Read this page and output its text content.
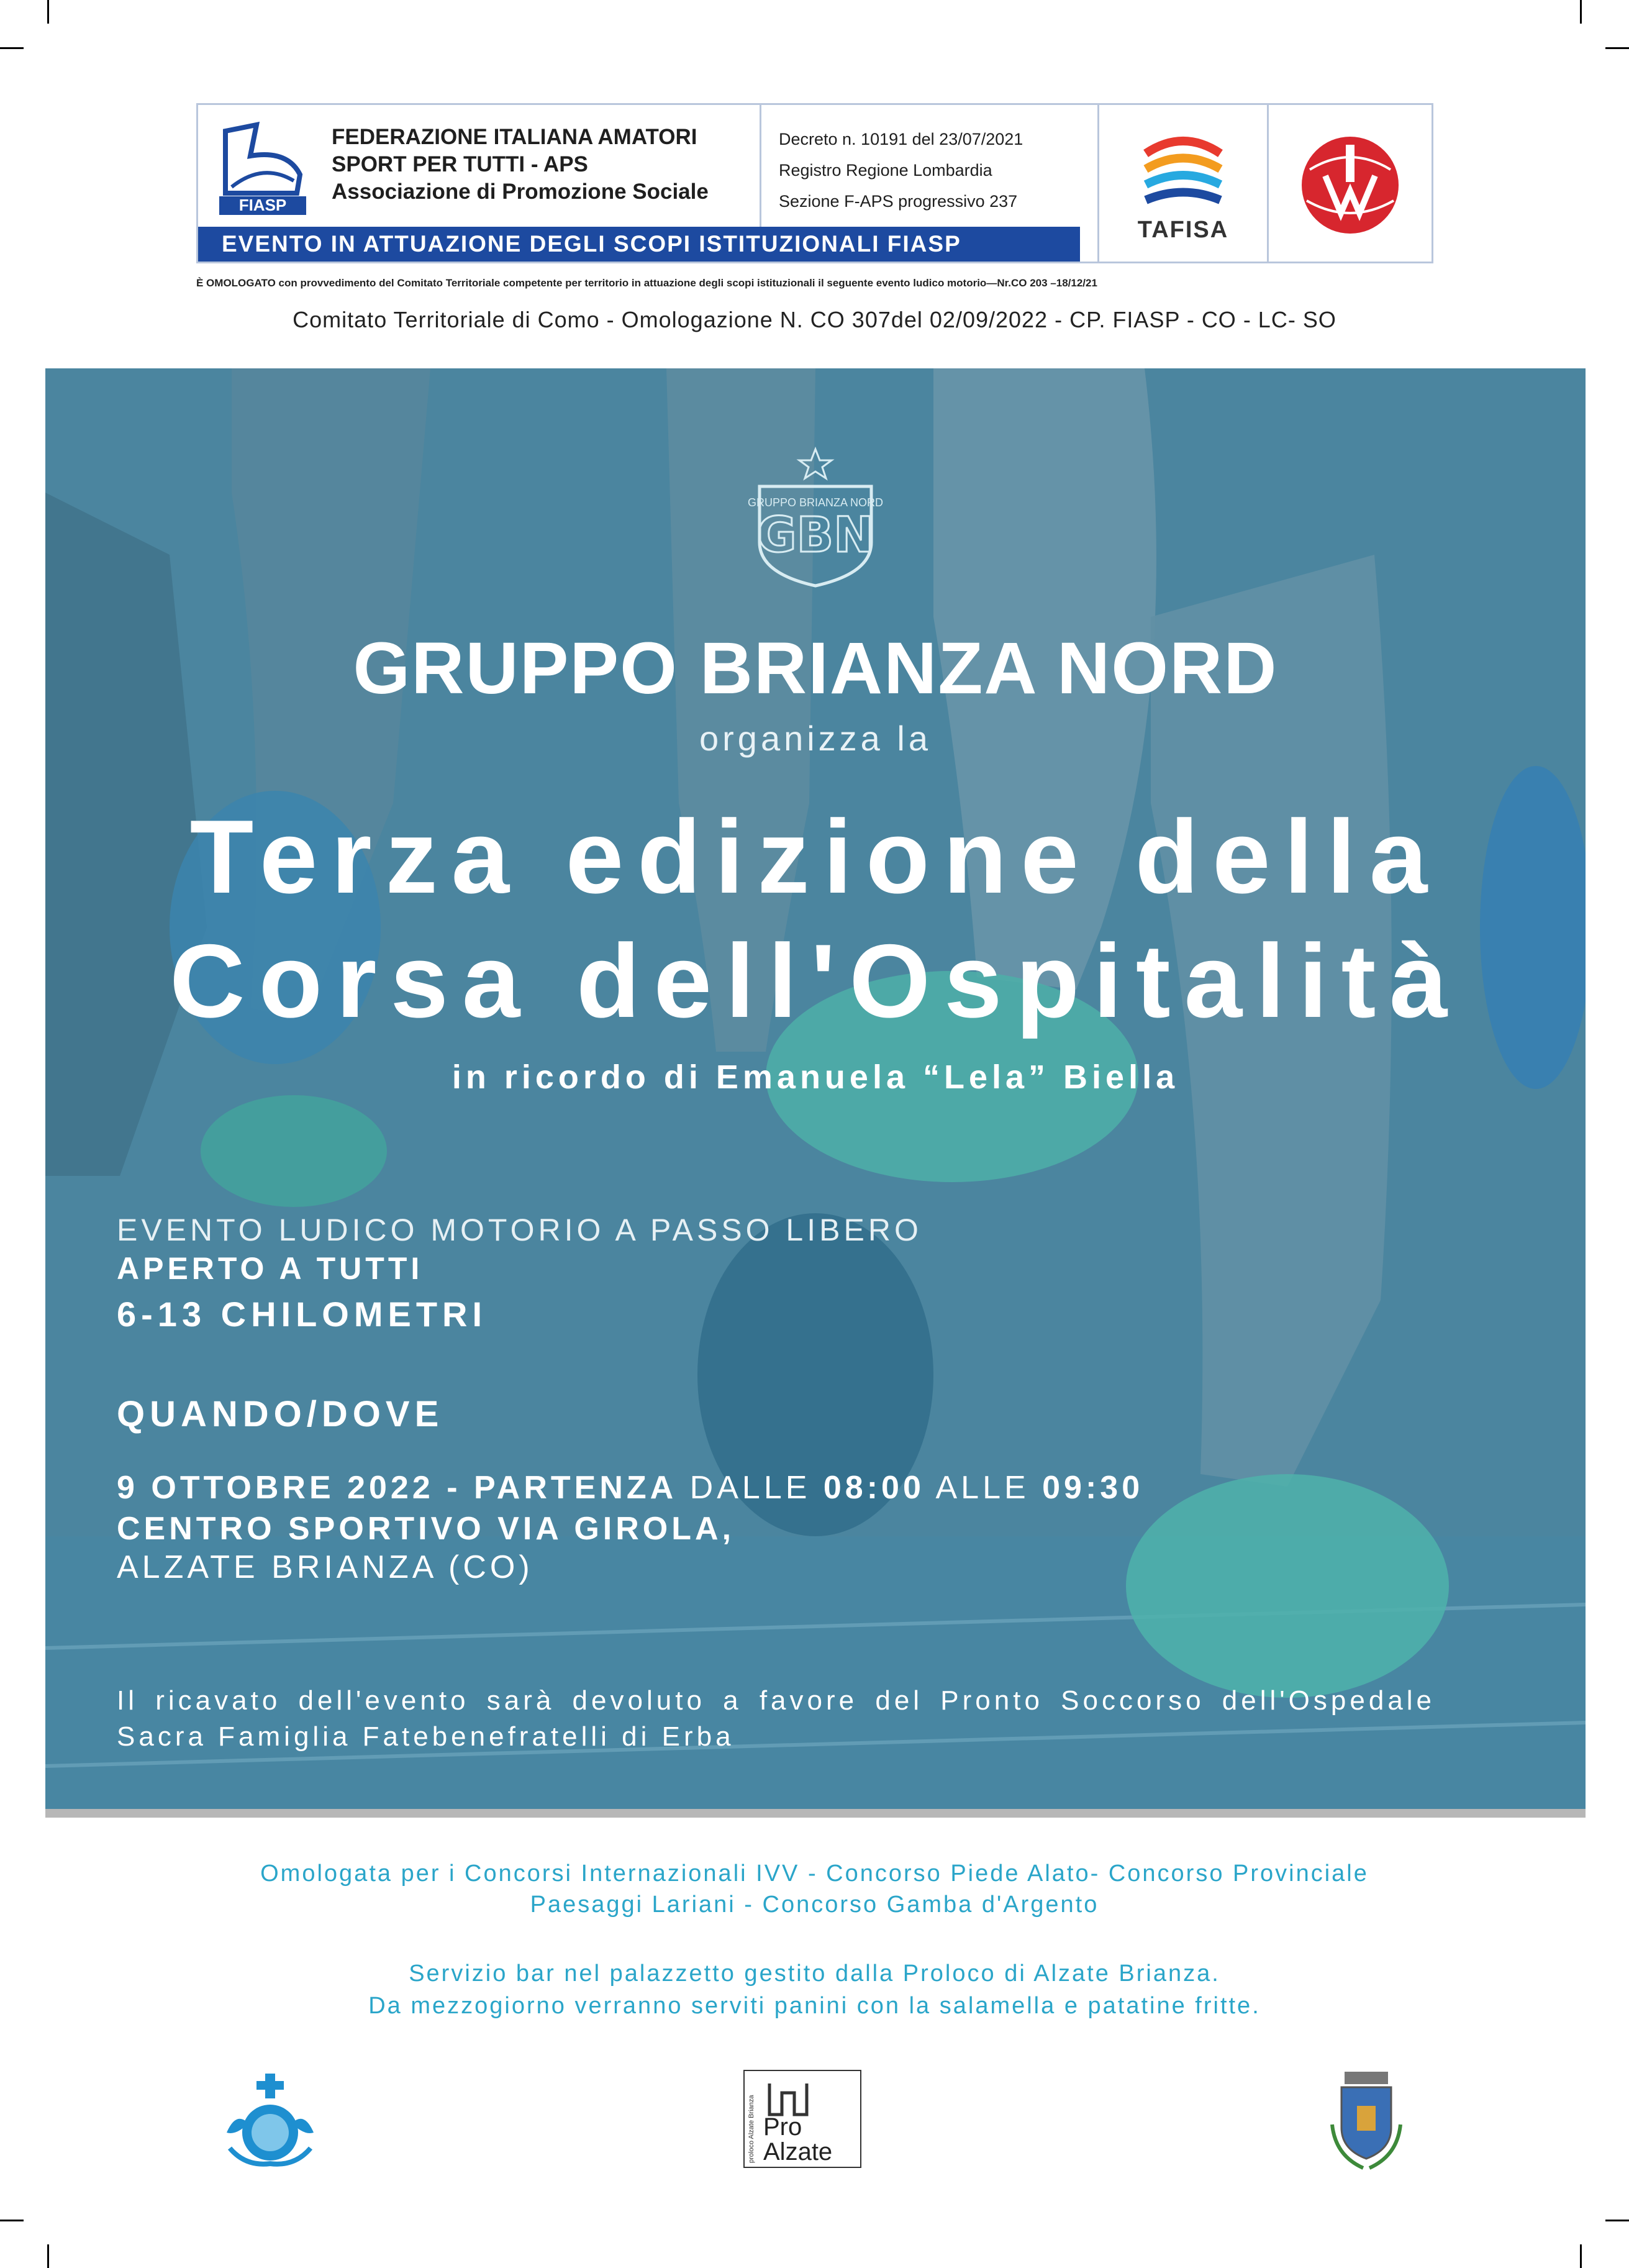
FIASP
FEDERAZIONE ITALIANA AMATORI
SPORT PER TUTTI - APS
Associazione di Promozione Sociale
Decreto n. 10191 del 23/07/2021
Registro Regione Lombardia
Sezione F-APS progressivo 237
TAFISA
EVENTO IN ATTUAZIONE DEGLI SCOPI ISTITUZIONALI FIASP
È OMOLOGATO con provvedimento del Comitato Territoriale competente per territorio in attuazione degli scopi istituzionali il seguente evento ludico motorio—Nr.CO 203 –18/12/21
Comitato Territoriale di Como - Omologazione N. CO 307del 02/09/2022 - CP. FIASP - CO - LC- SO
GBN
GRUPPO BRIANZA NORD
GRUPPO BRIANZA NORD
organizza la
Terza edizione della
Corsa dell'Ospitalità
in ricordo di Emanuela “Lela” Biella
EVENTO LUDICO MOTORIO A PASSO LIBERO
APERTO A TUTTI
6-13 CHILOMETRI
QUANDO/DOVE
9 OTTOBRE 2022 - PARTENZA DALLE 08:00 ALLE 09:30
CENTRO SPORTIVO VIA GIROLA,
ALZATE BRIANZA (CO)
Il ricavato dell'evento sarà devoluto a favore del Pronto Soccorso dell'Ospedale
Sacra Famiglia Fatebenefratelli di Erba
Omologata per i Concorsi Internazionali IVV - Concorso Piede Alato- Concorso Provinciale
Paesaggi Lariani - Concorso Gamba d'Argento
Servizio bar nel palazzetto gestito dalla Proloco di Alzate Brianza.
Da mezzogiorno verranno serviti panini con la salamella e patatine fritte.
proloco Alzate Brianza Pro Alzate
